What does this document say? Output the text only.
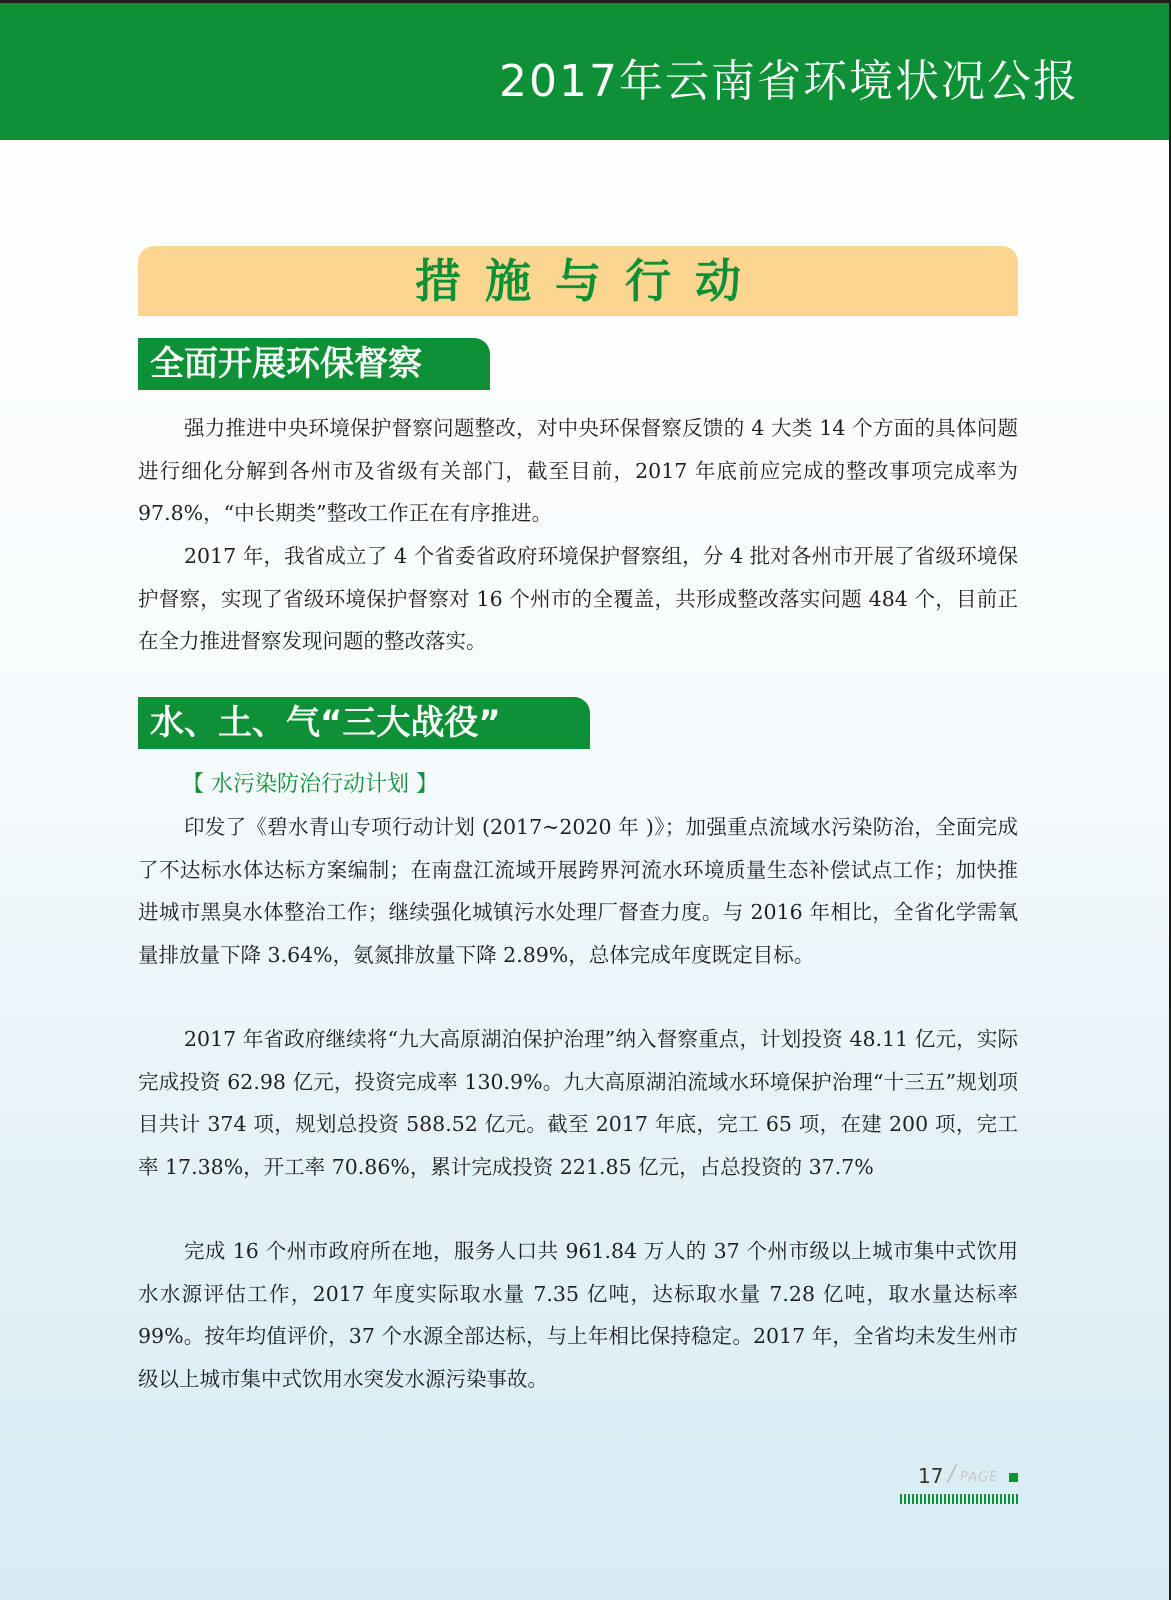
2017年云南省环境状况公报
措施与行动
全面开展环保督察

强力推进中央环境保护督察问题整改，对中央环保督察反馈的 4 大类 14 个方面的具体问题进行细化分解到各州市及省级有关部门，截至目前，2017 年底前应完成的整改事项完成率为 97.8%，“中长期类”整改工作正在有序推进。

2017 年，我省成立了 4 个省委省政府环境保护督察组，分 4 批对各州市开展了省级环境保护督察，实现了省级环境保护督察对 16 个州市的全覆盖，共形成整改落实问题 484 个，目前正在全力推进督察发现问题的整改落实。

水、土、气“三大战役”
【 水污染防治行动计划 】

印发了《碧水青山专项行动计划 (2017~2020 年 )》；加强重点流域水污染防治，全面完成了不达标水体达标方案编制；在南盘江流域开展跨界河流水环境质量生态补偿试点工作；加快推进城市黑臭水体整治工作；继续强化城镇污水处理厂督查力度。与 2016 年相比，全省化学需氧量排放量下降 3.64%，氨氮排放量下降 2.89%，总体完成年度既定目标。

2017 年省政府继续将“九大高原湖泊保护治理”纳入督察重点，计划投资 48.11 亿元，实际完成投资 62.98 亿元，投资完成率 130.9%。九大高原湖泊流域水环境保护治理“十三五”规划项目共计 374 项，规划总投资 588.52 亿元。截至 2017 年底，完工 65 项，在建 200 项，完工率 17.38%，开工率 70.86%，累计完成投资 221.85 亿元，占总投资的 37.7%

完成 16 个州市政府所在地，服务人口共 961.84 万人的 37 个州市级以上城市集中式饮用水水源评估工作，2017 年度实际取水量 7.35 亿吨，达标取水量 7.28 亿吨，取水量达标率 99%。按年均值评价，37 个水源全部达标，与上年相比保持稳定。2017 年，全省均未发生州市级以上城市集中式饮用水突发水源污染事故。

17 / PAGE
